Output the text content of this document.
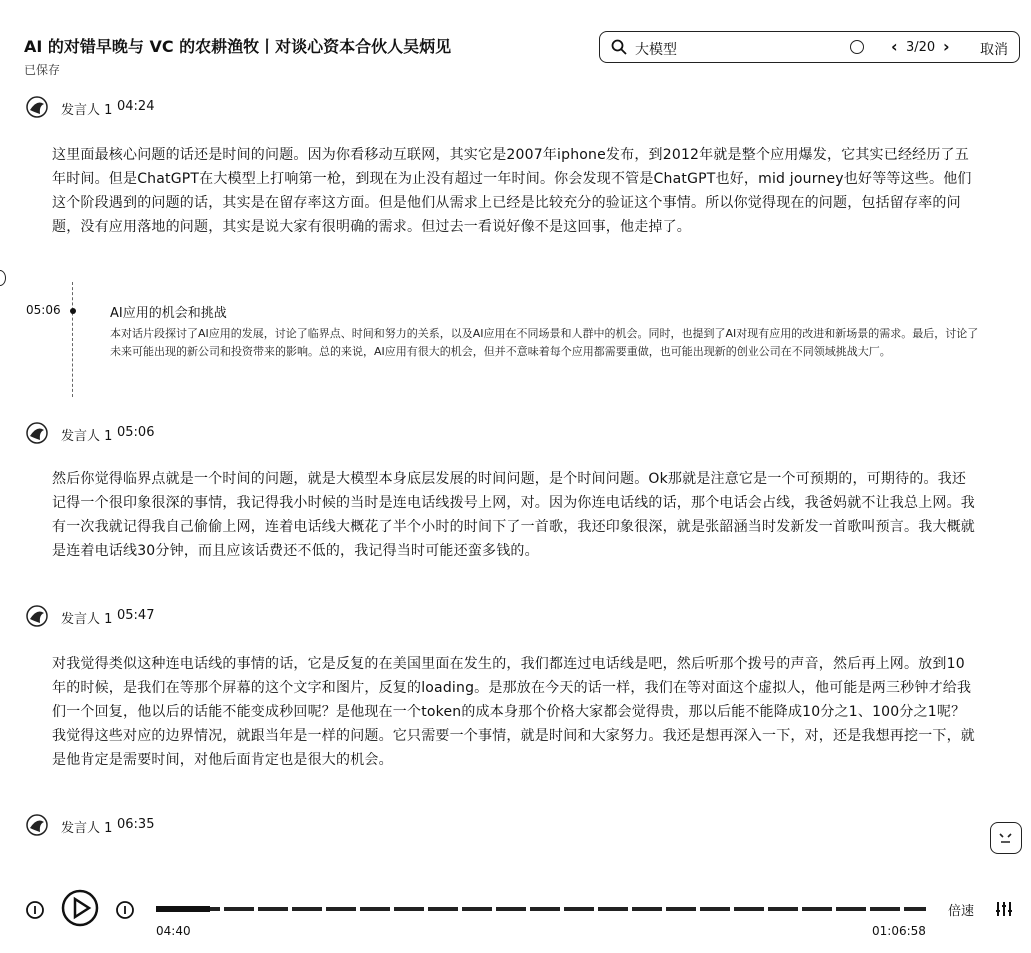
AI 的对错早晚与 VC 的农耕渔牧丨对谈心资本合伙人吴炳见
已保存
大模型	‹ 3/20 › 取消
发言人 1 04:24
这里面最核心问题的话还是时间的问题。因为你看移动互联网，其实它是2007年iphone发布，到2012年就是整个应用爆发，它其实已经经历了五年时间。但是ChatGPT在大模型上打响第一枪，到现在为止没有超过一年时间。你会发现不管是ChatGPT也好，mid journey也好等等这些。他们这个阶段遇到的问题的话，其实是在留存率这方面。但是他们从需求上已经是比较充分的验证这个事情。所以你觉得现在的问题，包括留存率的问题，没有应用落地的问题，其实是说大家有很明确的需求。但过去一看说好像不是这回事，他走掉了。
05:06	AI应用的机会和挑战
本对话片段探讨了AI应用的发展，讨论了临界点、时间和努力的关系，以及AI应用在不同场景和人群中的机会。同时，也提到了AI对现有应用的改进和新场景的需求。最后，讨论了未来可能出现的新公司和投资带来的影响。总的来说，AI应用有很大的机会，但并不意味着每个应用都需要重做，也可能出现新的创业公司在不同领域挑战大厂。
发言人 1 05:06
然后你觉得临界点就是一个时间的问题，就是大模型本身底层发展的时间问题，是个时间问题。Ok那就是注意它是一个可预期的，可期待的。我还记得一个很印象很深的事情，我记得我小时候的当时是连电话线拨号上网，对。因为你连电话线的话，那个电话会占线，我爸妈就不让我总上网。我有一次我就记得我自己偷偷上网，连着电话线大概花了半个小时的时间下了一首歌，我还印象很深，就是张韶涵当时发新发一首歌叫预言。我大概就是连着电话线30分钟，而且应该话费还不低的，我记得当时可能还蛮多钱的。
发言人 1 05:47
对我觉得类似这种连电话线的事情的话，它是反复的在美国里面在发生的，我们都连过电话线是吧，然后听那个拨号的声音，然后再上网。放到10年的时候，是我们在等那个屏幕的这个文字和图片，反复的loading。是那放在今天的话一样，我们在等对面这个虚拟人，他可能是两三秒钟才给我们一个回复，他以后的话能不能变成秒回呢？是他现在一个token的成本身那个价格大家都会觉得贵，那以后能不能降成10分之1、100分之1呢？我觉得这些对应的边界情况，就跟当年是一样的问题。它只需要一个事情，就是时间和大家努力。我还是想再深入一下，对，还是我想再挖一下，就是他肯定是需要时间，对他后面肯定也是很大的机会。
发言人 1 06:35
04:40	01:06:58
倍速
